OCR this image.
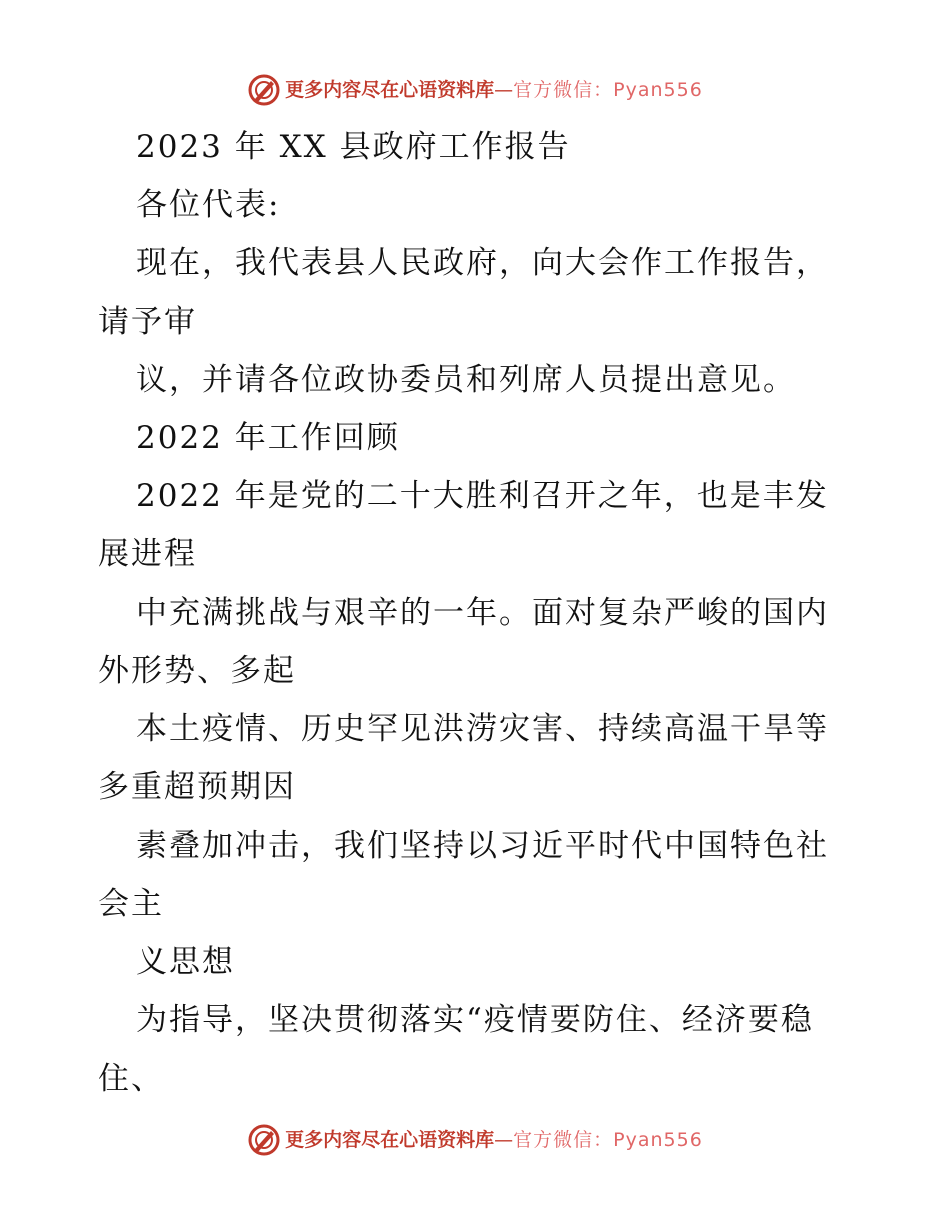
更多内容尽在心语资料库—官方微信：Pyan556
2023 年 XX 县政府工作报告
各位代表:
现在，我代表县人民政府，向大会作工作报告，
请予审
议，并请各位政协委员和列席人员提出意见。
2022 年工作回顾
2022 年是党的二十大胜利召开之年，也是丰发
展进程
中充满挑战与艰辛的一年。面对复杂严峻的国内
外形势、多起
本土疫情、历史罕见洪涝灾害、持续高温干旱等
多重超预期因
素叠加冲击，我们坚持以习近平时代中国特色社
会主
义思想
为指导，坚决贯彻落实“疫情要防住、经济要稳
住、
更多内容尽在心语资料库—官方微信：Pyan556
